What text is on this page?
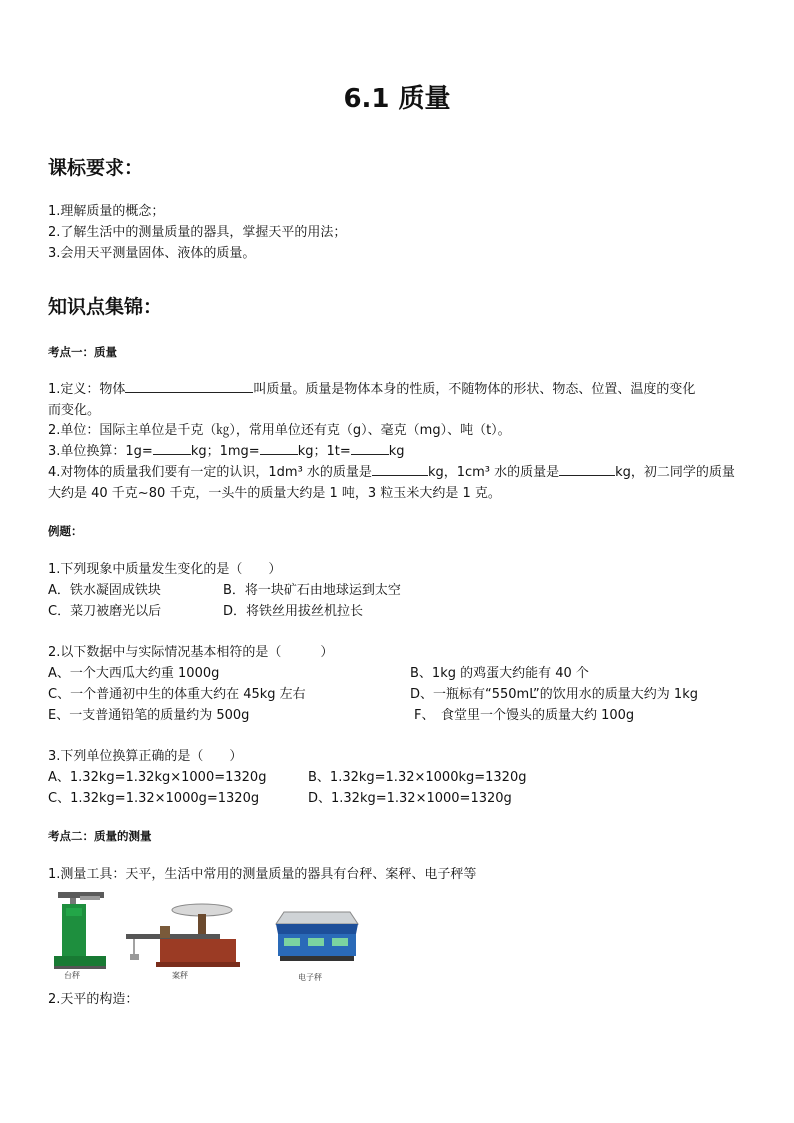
6.1 质量
课标要求：
1.理解质量的概念；
2.了解生活中的测量质量的器具，掌握天平的用法；
3.会用天平测量固体、液体的质量。
知识点集锦：
考点一：质量
1.定义：物体	叫质量。质量是物体本身的性质，不随物体的形状、物态、位置、温度的变化
而变化。
2.单位：国际主单位是千克（㎏），常用单位还有克（g）、毫克（mg）、吨（t）。
3.单位换算：1g=	kg；1mg=	kg；1t=	kg
4.对物体的质量我们要有一定的认识，1dm³ 水的质量是	kg，1cm³ 水的质量是	kg，初二同学的质量
大约是 40 千克~80 千克，一头牛的质量大约是 1 吨，3 粒玉米大约是 1 克。
例题：
1.下列现象中质量发生变化的是（　　）
A．铁水凝固成铁块	B．将一块矿石由地球运到太空
C．菜刀被磨光以后	D．将铁丝用拔丝机拉长
2.以下数据中与实际情况基本相符的是（　　　）
A、一个大西瓜大约重 1000g	B、1kg 的鸡蛋大约能有 40 个
C、一个普通初中生的体重大约在 45kg 左右	D、一瓶标有“550mL”的饮用水的质量大约为 1kg
E、一支普通铅笔的质量约为 500g	F、　食堂里一个馒头的质量大约 100g
3.下列单位换算正确的是（　　）
A、1.32kg=1.32kg×1000=1320g	B、1.32kg=1.32×1000kg=1320g
C、1.32kg=1.32×1000g=1320g	D、1.32kg=1.32×1000=1320g
考点二：质量的测量
1.测量工具：天平，生活中常用的测量质量的器具有台秤、案秤、电子秤等
台秤	案秤	电子秤
2.天平的构造：
